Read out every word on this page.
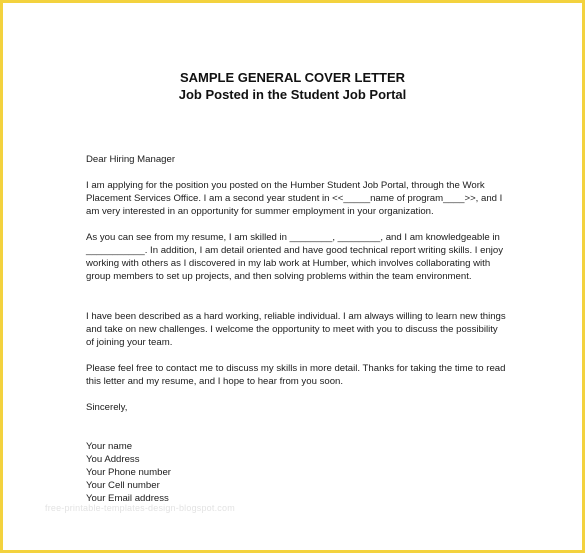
SAMPLE GENERAL COVER LETTER
Job Posted in the Student Job Portal
Dear Hiring Manager
I am applying for the position you posted on the Humber Student Job Portal, through the Work Placement Services Office. I am a second year student in <<_____name of program____>>, and I am very interested in an opportunity for summer employment in your organization.
As you can see from my resume, I am skilled in ________, ________, and I am knowledgeable in ___________. In addition, I am detail oriented and have good technical report writing skills. I enjoy working with others as I discovered in my lab work at Humber, which involves collaborating with group members to set up projects, and then solving problems within the team environment.
I have been described as a hard working, reliable individual. I am always willing to learn new things and take on new challenges. I welcome the opportunity to meet with you to discuss the possibility of joining your team.
Please feel free to contact me to discuss my skills in more detail. Thanks for taking the time to read this letter and my resume, and I hope to hear from you soon.
Sincerely,
Your name
You Address
Your Phone number
Your Cell number
Your Email address
free-printable-templates-design-blogspot.com
